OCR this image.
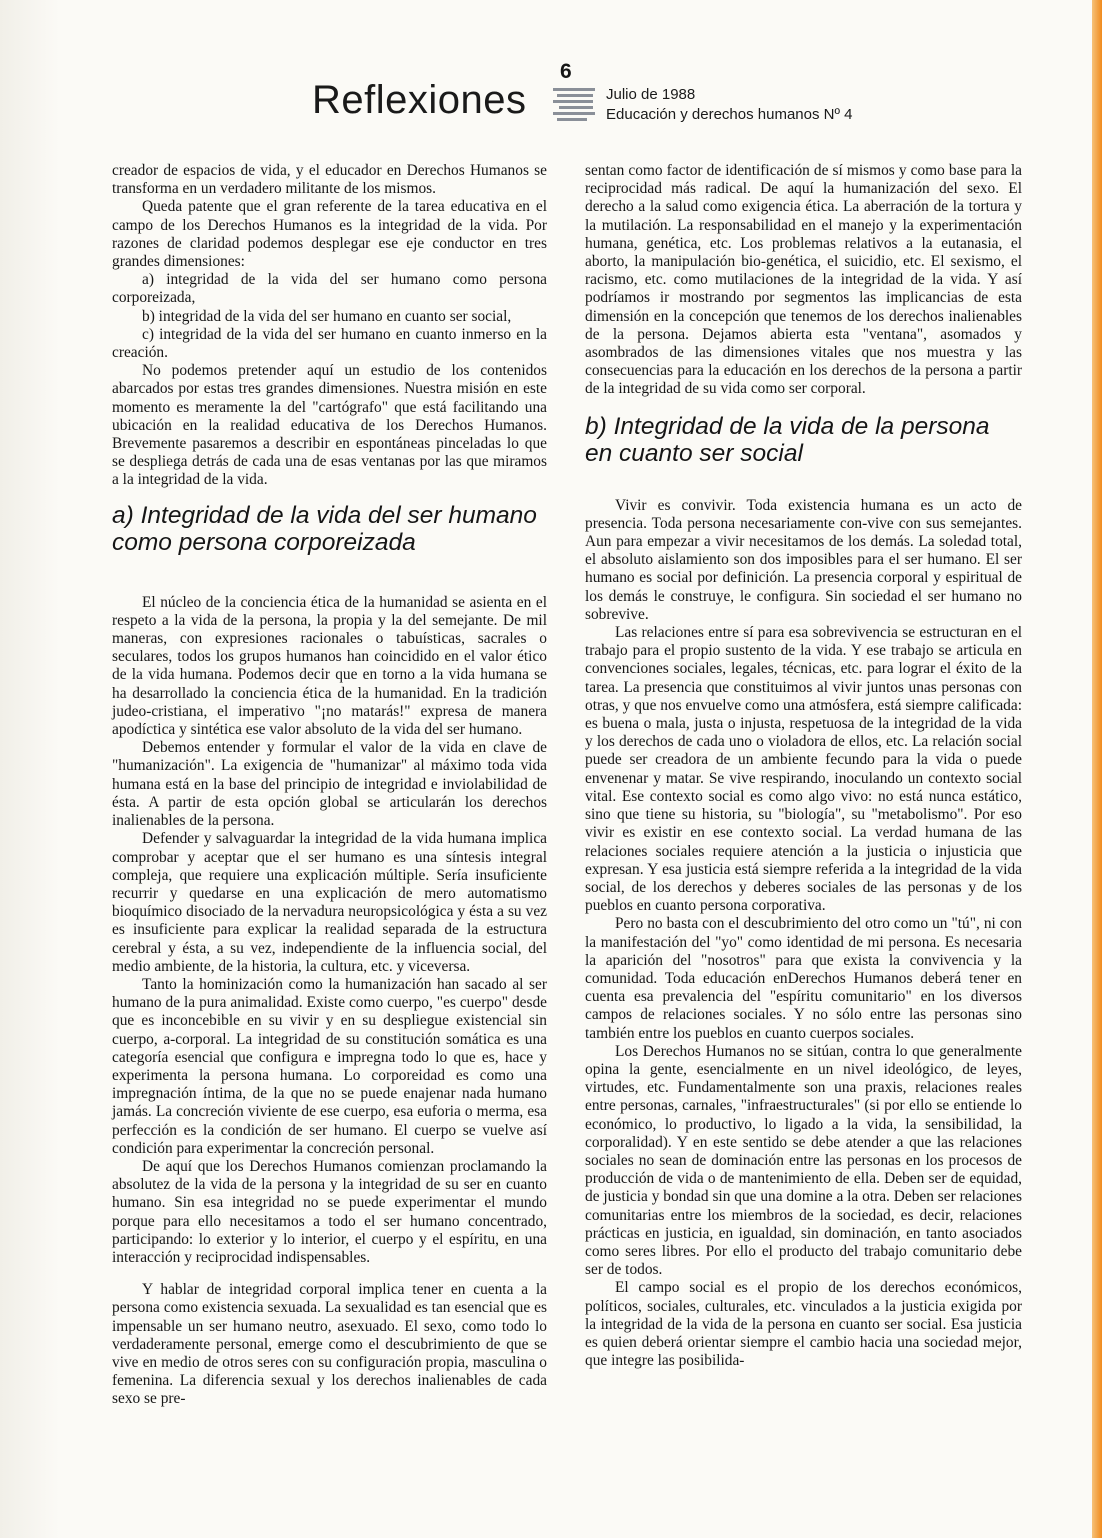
6
Reflexiones	Julio de 1988
Educación y derechos humanos Nº 4

creador de espacios de vida, y el educador en Derechos Humanos se transforma en un verdadero militante de los mismos.

Queda patente que el gran referente de la tarea educativa en el campo de los Derechos Humanos es la integridad de la vida. Por razones de claridad podemos desplegar ese eje conductor en tres grandes dimensiones:

a) integridad de la vida del ser humano como persona corporeizada,

b) integridad de la vida del ser humano en cuanto ser social,

c) integridad de la vida del ser humano en cuanto inmerso en la creación.

No podemos pretender aquí un estudio de los contenidos abarcados por estas tres grandes dimensiones. Nuestra misión en este momento es meramente la del "cartógrafo" que está facilitando una ubicación en la realidad educativa de los Derechos Humanos. Brevemente pasaremos a describir en espontáneas pinceladas lo que se despliega detrás de cada una de esas ventanas por las que miramos a la integridad de la vida.

a) Integridad de la vida del ser humano como persona corporeizada

El núcleo de la conciencia ética de la humanidad se asienta en el respeto a la vida de la persona, la propia y la del semejante. De mil maneras, con expresiones racionales o tabuísticas, sacrales o seculares, todos los grupos humanos han coincidido en el valor ético de la vida humana. Podemos decir que en torno a la vida humana se ha desarrollado la conciencia ética de la humanidad. En la tradición judeo-cristiana, el imperativo "¡no matarás!" expresa de manera apodíctica y sintética ese valor absoluto de la vida del ser humano.

Debemos entender y formular el valor de la vida en clave de "humanización". La exigencia de "humanizar" al máximo toda vida humana está en la base del principio de integridad e inviolabilidad de ésta. A partir de esta opción global se articularán los derechos inalienables de la persona.

Defender y salvaguardar la integridad de la vida humana implica comprobar y aceptar que el ser humano es una síntesis integral compleja, que requiere una explicación múltiple. Sería insuficiente recurrir y quedarse en una explicación de mero automatismo bioquímico disociado de la nervadura neuropsicológica y ésta a su vez es insuficiente para explicar la realidad separada de la estructura cerebral y ésta, a su vez, independiente de la influencia social, del medio ambiente, de la historia, la cultura, etc. y viceversa.

Tanto la hominización como la humanización han sacado al ser humano de la pura animalidad. Existe como cuerpo, "es cuerpo" desde que es inconcebible en su vivir y en su despliegue existencial sin cuerpo, a-corporal. La integridad de su constitución somática es una categoría esencial que configura e impregna todo lo que es, hace y experimenta la persona humana. Lo corporeidad es como una impregnación íntima, de la que no se puede enajenar nada humano jamás. La concreción viviente de ese cuerpo, esa euforia o merma, esa perfección es la condición de ser humano. El cuerpo se vuelve así condición para experimentar la concreción personal.

De aquí que los Derechos Humanos comienzan proclamando la absolutez de la vida de la persona y la integridad de su ser en cuanto humano. Sin esa integridad no se puede experimentar el mundo porque para ello necesitamos a todo el ser humano concentrado, participando: lo exterior y lo interior, el cuerpo y el espíritu, en una interacción y reciprocidad indispensables.

Y hablar de integridad corporal implica tener en cuenta a la persona como existencia sexuada. La sexualidad es tan esencial que es impensable un ser humano neutro, asexuado. El sexo, como todo lo verdaderamente personal, emerge como el descubrimiento de que se vive en medio de otros seres con su configuración propia, masculina o femenina. La diferencia sexual y los derechos inalienables de cada sexo se pre-

sentan como factor de identificación de sí mismos y como base para la reciprocidad más radical. De aquí la humanización del sexo. El derecho a la salud como exigencia ética. La aberración de la tortura y la mutilación. La responsabilidad en el manejo y la experimentación humana, genética, etc. Los problemas relativos a la eutanasia, el aborto, la manipulación bio-genética, el suicidio, etc. El sexismo, el racismo, etc. como mutilaciones de la integridad de la vida. Y así podríamos ir mostrando por segmentos las implicancias de esta dimensión en la concepción que tenemos de los derechos inalienables de la persona. Dejamos abierta esta "ventana", asomados y asombrados de las dimensiones vitales que nos muestra y las consecuencias para la educación en los derechos de la persona a partir de la integridad de su vida como ser corporal.

b) Integridad de la vida de la persona en cuanto ser social

Vivir es convivir. Toda existencia humana es un acto de presencia. Toda persona necesariamente con-vive con sus semejantes. Aun para empezar a vivir necesitamos de los demás. La soledad total, el absoluto aislamiento son dos imposibles para el ser humano. El ser humano es social por definición. La presencia corporal y espiritual de los demás le construye, le configura. Sin sociedad el ser humano no sobrevive.

Las relaciones entre sí para esa sobrevivencia se estructuran en el trabajo para el propio sustento de la vida. Y ese trabajo se articula en convenciones sociales, legales, técnicas, etc. para lograr el éxito de la tarea. La presencia que constituimos al vivir juntos unas personas con otras, y que nos envuelve como una atmósfera, está siempre calificada: es buena o mala, justa o injusta, respetuosa de la integridad de la vida y los derechos de cada uno o violadora de ellos, etc. La relación social puede ser creadora de un ambiente fecundo para la vida o puede envenenar y matar. Se vive respirando, inoculando un contexto social vital. Ese contexto social es como algo vivo: no está nunca estático, sino que tiene su historia, su "biología", su "metabolismo". Por eso vivir es existir en ese contexto social. La verdad humana de las relaciones sociales requiere atención a la justicia o injusticia que expresan. Y esa justicia está siempre referida a la integridad de la vida social, de los derechos y deberes sociales de las personas y de los pueblos en cuanto persona corporativa.

Pero no basta con el descubrimiento del otro como un "tú", ni con la manifestación del "yo" como identidad de mi persona. Es necesaria la aparición del "nosotros" para que exista la convivencia y la comunidad. Toda educación enDerechos Humanos deberá tener en cuenta esa prevalencia del "espíritu comunitario" en los diversos campos de relaciones sociales. Y no sólo entre las personas sino también entre los pueblos en cuanto cuerpos sociales.

Los Derechos Humanos no se sitúan, contra lo que generalmente opina la gente, esencialmente en un nivel ideológico, de leyes, virtudes, etc. Fundamentalmente son una praxis, relaciones reales entre personas, carnales, "infraestructurales" (si por ello se entiende lo económico, lo productivo, lo ligado a la vida, la sensibilidad, la corporalidad). Y en este sentido se debe atender a que las relaciones sociales no sean de dominación entre las personas en los procesos de producción de vida o de mantenimiento de ella. Deben ser de equidad, de justicia y bondad sin que una domine a la otra. Deben ser relaciones comunitarias entre los miembros de la sociedad, es decir, relaciones prácticas en justicia, en igualdad, sin dominación, en tanto asociados como seres libres. Por ello el producto del trabajo comunitario debe ser de todos.

El campo social es el propio de los derechos económicos, políticos, sociales, culturales, etc. vinculados a la justicia exigida por la integridad de la vida de la persona en cuanto ser social. Esa justicia es quien deberá orientar siempre el cambio hacia una sociedad mejor, que integre las posibilida-
